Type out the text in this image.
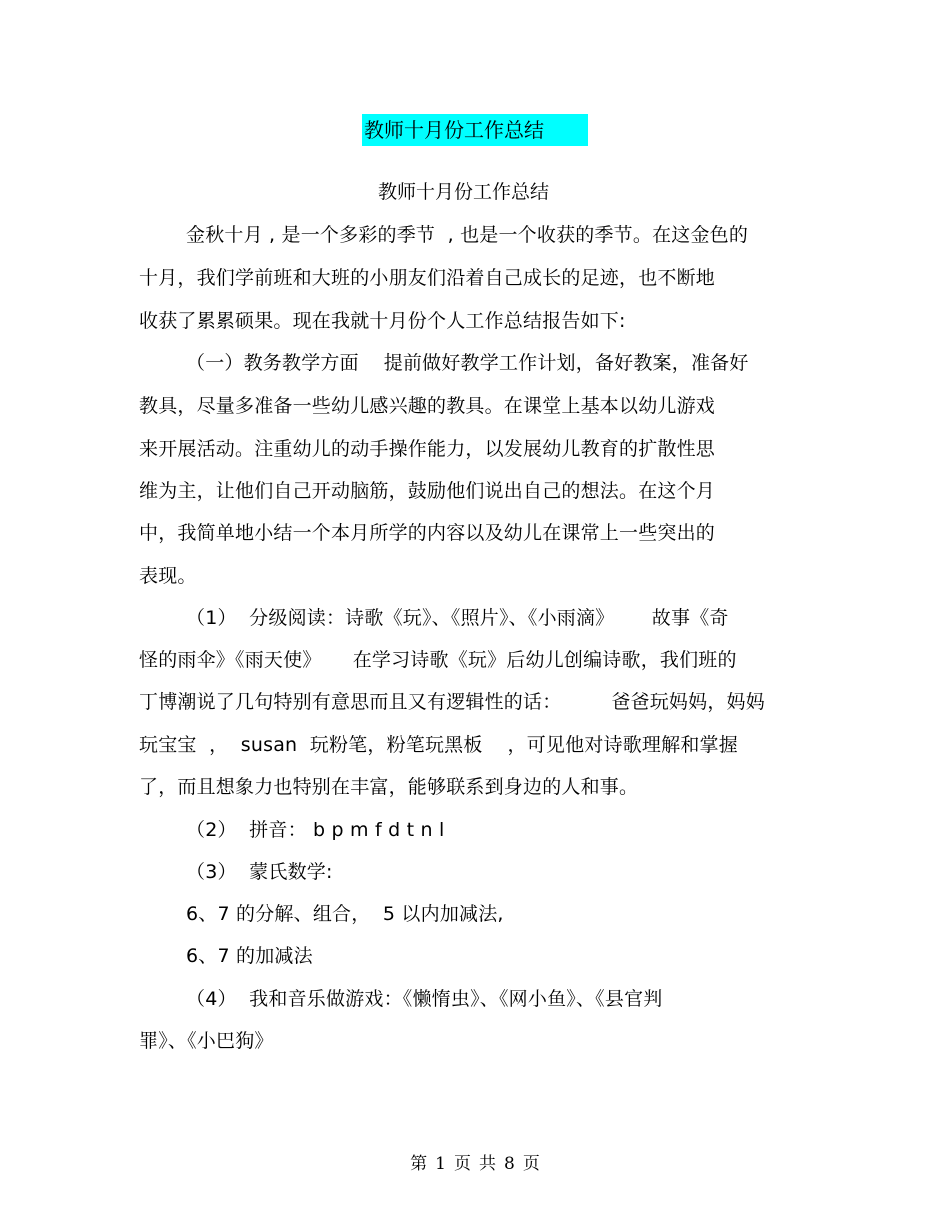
教师十月份工作总结
教师十月份工作总结
金秋十月 , 是一个多彩的季节  , 也是一个收获的季节。在这金色的
十月，我们学前班和大班的小朋友们沿着自己成长的足迹，也不断地
收获了累累硕果。现在我就十月份个人工作总结报告如下:
（一）教务教学方面    提前做好教学工作计划，备好教案，准备好
教具，尽量多准备一些幼儿感兴趣的教具。在课堂上基本以幼儿游戏
来开展活动。注重幼儿的动手操作能力，以发展幼儿教育的扩散性思
维为主，让他们自己开动脑筋，鼓励他们说出自己的想法。在这个月
中，我简单地小结一个本月所学的内容以及幼儿在课常上一些突出的
表现。
（1）  分级阅读：诗歌《玩》、《照片》、《小雨滴》      故事《奇
怪的雨伞》《雨天使》     在学习诗歌《玩》后幼儿创编诗歌，我们班的
丁博潮说了几句特别有意思而且又有逻辑性的话：        爸爸玩妈妈，妈妈
玩宝宝  ，  susan  玩粉笔，粉笔玩黑板    ，可见他对诗歌理解和掌握
了，而且想象力也特别在丰富，能够联系到身边的人和事。
（2）  拼音： b p m f d t n l
（3）  蒙氏数学:
6、7 的分解、组合，  5 以内加减法,
6、7 的加减法
（4）  我和音乐做游戏：《懒惰虫》、《网小鱼》、《县官判
罪》、《小巴狗》
第 1 页 共 8 页
